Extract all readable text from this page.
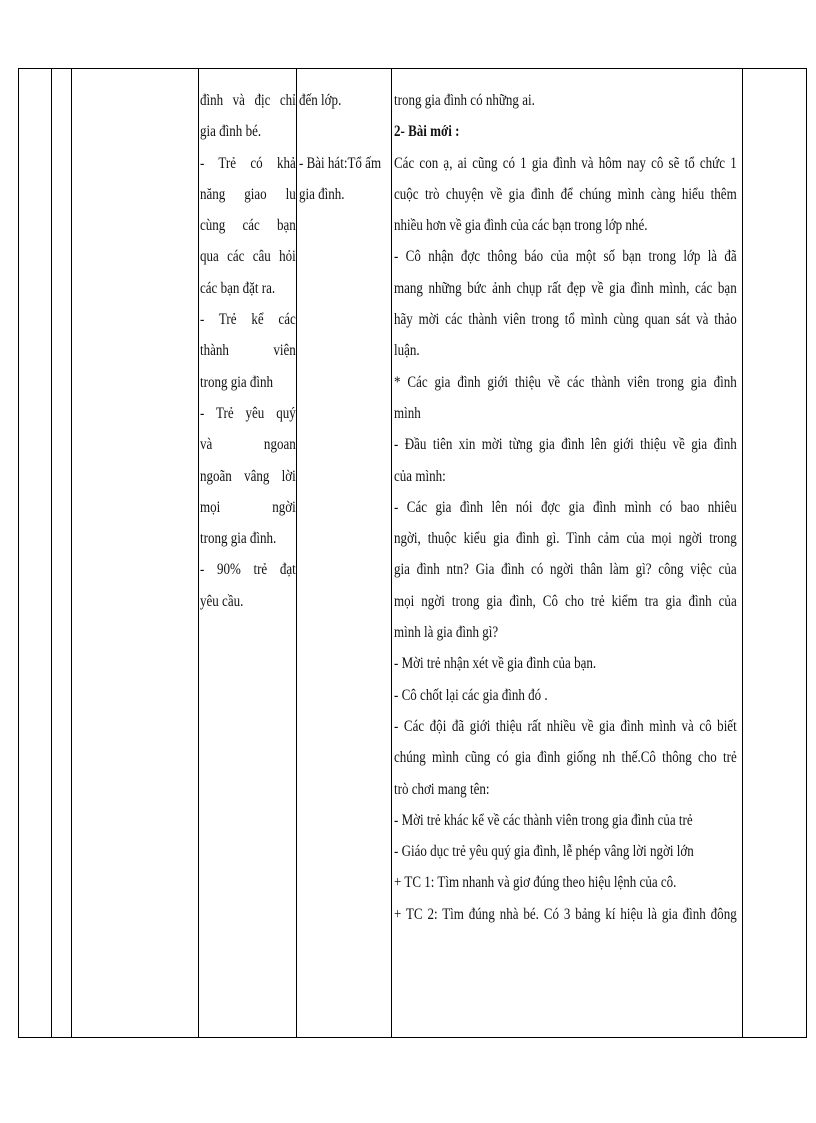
đình và địc chỉ

gia đình bé.

- Trẻ có khả

năng giao lu

cùng các bạn

qua các câu hỏi

các bạn đặt ra.

- Trẻ kể các

thành viên

trong gia đình

- Trẻ yêu quý

và ngoan

ngoãn vâng lời

mọi ngời

trong gia đình.

- 90% trẻ đạt

yêu cầu.

đến lớp.

- Bài hát:Tổ ấm

gia đình.

trong gia đình có những ai.

2- Bài mới :

Các con ạ, ai cũng có 1 gia đình và hôm nay cô sẽ tổ chức 1

cuộc trò chuyện về gia đình để chúng mình càng hiểu thêm

nhiều hơn về gia đình của các bạn trong lớp nhé.

- Cô nhận đợc thông báo của một số bạn trong lớp là đã

mang những bức ảnh chụp rất đẹp về gia đình mình, các bạn

hãy mời các thành viên trong tổ mình cùng quan sát và thảo

luận.

* Các gia đình giới thiệu về các thành viên trong gia đình

mình

- Đầu tiên xin mời từng gia đình lên giới thiệu về gia đình

của mình:

- Các gia đình lên nói đợc gia đình mình có bao nhiêu

ngời, thuộc kiểu gia đình gì. Tình cảm của mọi ngời trong

gia đình ntn? Gia đình có ngời thân làm gì? công việc của

mọi ngời trong gia đình, Cô cho trẻ kiểm tra gia đình của

mình là gia đình gì?

- Mời trẻ nhận xét về gia đình của bạn.

- Cô chốt lại các gia đình đó .

- Các đội đã giới thiệu rất nhiều về gia đình mình và cô biết

chúng mình cũng có gia đình giống nh thế.Cô thông cho trẻ

trò chơi mang tên:

- Mời trẻ khác kể về các thành viên trong gia đình của trẻ

- Giáo dục trẻ yêu quý gia đình, lễ phép vâng lời ngời lớn

+ TC 1: Tìm nhanh và giơ đúng theo hiệu lệnh của cô.

+ TC 2: Tìm đúng nhà bé. Có 3 bảng kí hiệu là gia đình đông
